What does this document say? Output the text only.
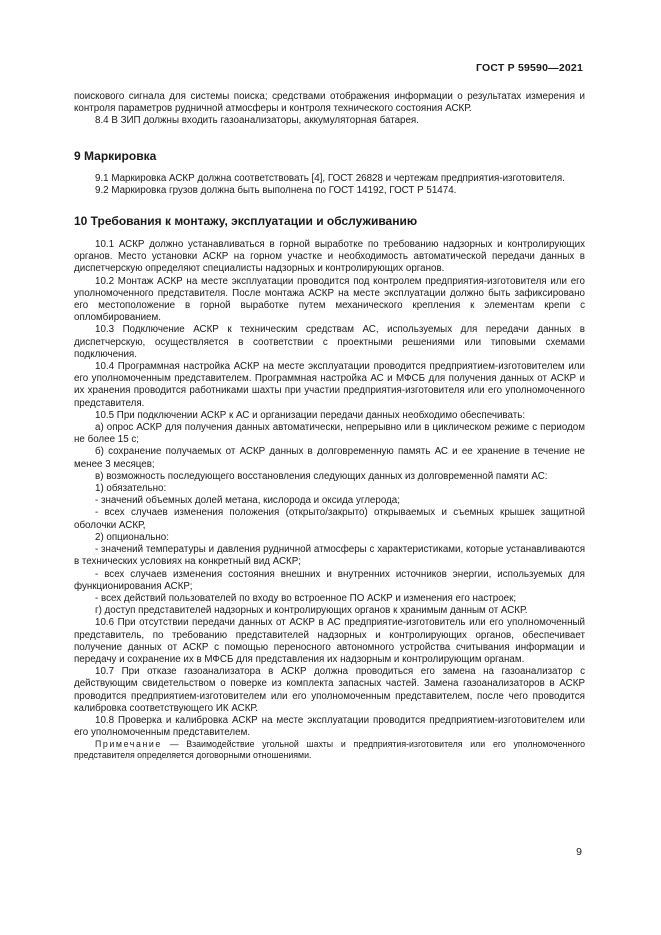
ГОСТ Р 59590—2021

поискового сигнала для системы поиска; средствами отображения информации о результатах измерения и контроля параметров рудничной атмосферы и контроля технического состояния АСКР.

8.4 В ЗИП должны входить газоанализаторы, аккумуляторная батарея.

9 Маркировка

9.1 Маркировка АСКР должна соответствовать [4], ГОСТ 26828 и чертежам предприятия-изготовителя.

9.2 Маркировка грузов должна быть выполнена по ГОСТ 14192, ГОСТ Р 51474.

10 Требования к монтажу, эксплуатации и обслуживанию

10.1 АСКР должно устанавливаться в горной выработке по требованию надзорных и контролирующих органов. Место установки АСКР на горном участке и необходимость автоматической передачи данных в диспетчерскую определяют специалисты надзорных и контролирующих органов.

10.2 Монтаж АСКР на месте эксплуатации проводится под контролем предприятия-изготовителя или его уполномоченного представителя. После монтажа АСКР на месте эксплуатации должно быть зафиксировано его местоположение в горной выработке путем механического крепления к элементам крепи с опломбированием.

10.3 Подключение АСКР к техническим средствам АС, используемых для передачи данных в диспетчерскую, осуществляется в соответствии с проектными решениями или типовыми схемами подключения.

10.4 Программная настройка АСКР на месте эксплуатации проводится предприятием-изготовителем или его уполномоченным представителем. Программная настройка АС и МФСБ для получения данных от АСКР и их хранения проводится работниками шахты при участии предприятия-изготовителя или его уполномоченного представителя.

10.5 При подключении АСКР к АС и организации передачи данных необходимо обеспечивать:

а) опрос АСКР для получения данных автоматически, непрерывно или в циклическом режиме с периодом не более 15 с;

б) сохранение получаемых от АСКР данных в долговременную память АС и ее хранение в течение не менее 3 месяцев;

в) возможность последующего восстановления следующих данных из долговременной памяти АС:

1) обязательно:

- значений объемных долей метана, кислорода и оксида углерода;

- всех случаев изменения положения (открыто/закрыто) открываемых и съемных крышек защитной оболочки АСКР,

2) опционально:

- значений температуры и давления рудничной атмосферы с характеристиками, которые устанавливаются в технических условиях на конкретный вид АСКР;

- всех случаев изменения состояния внешних и внутренних источников энергии, используемых для функционирования АСКР;

- всех действий пользователей по входу во встроенное ПО АСКР и изменения его настроек;

г) доступ представителей надзорных и контролирующих органов к хранимым данным от АСКР.

10.6 При отсутствии передачи данных от АСКР в АС предприятие-изготовитель или его уполномоченный представитель, по требованию представителей надзорных и контролирующих органов, обеспечивает получение данных от АСКР с помощью переносного автономного устройства считывания информации и передачу и сохранение их в МФСБ для представления их надзорным и контролирующим органам.

10.7 При отказе газоанализатора в АСКР должна проводиться его замена на газоанализатор с действующим свидетельством о поверке из комплекта запасных частей. Замена газоанализаторов в АСКР проводится предприятием-изготовителем или его уполномоченным представителем, после чего проводится калибровка соответствующего ИК АСКР.

10.8 Проверка и калибровка АСКР на месте эксплуатации проводится предприятием-изготовителем или его уполномоченным представителем.

Примечание — Взаимодействие угольной шахты и предприятия-изготовителя или его уполномоченного представителя определяется договорными отношениями.

9
